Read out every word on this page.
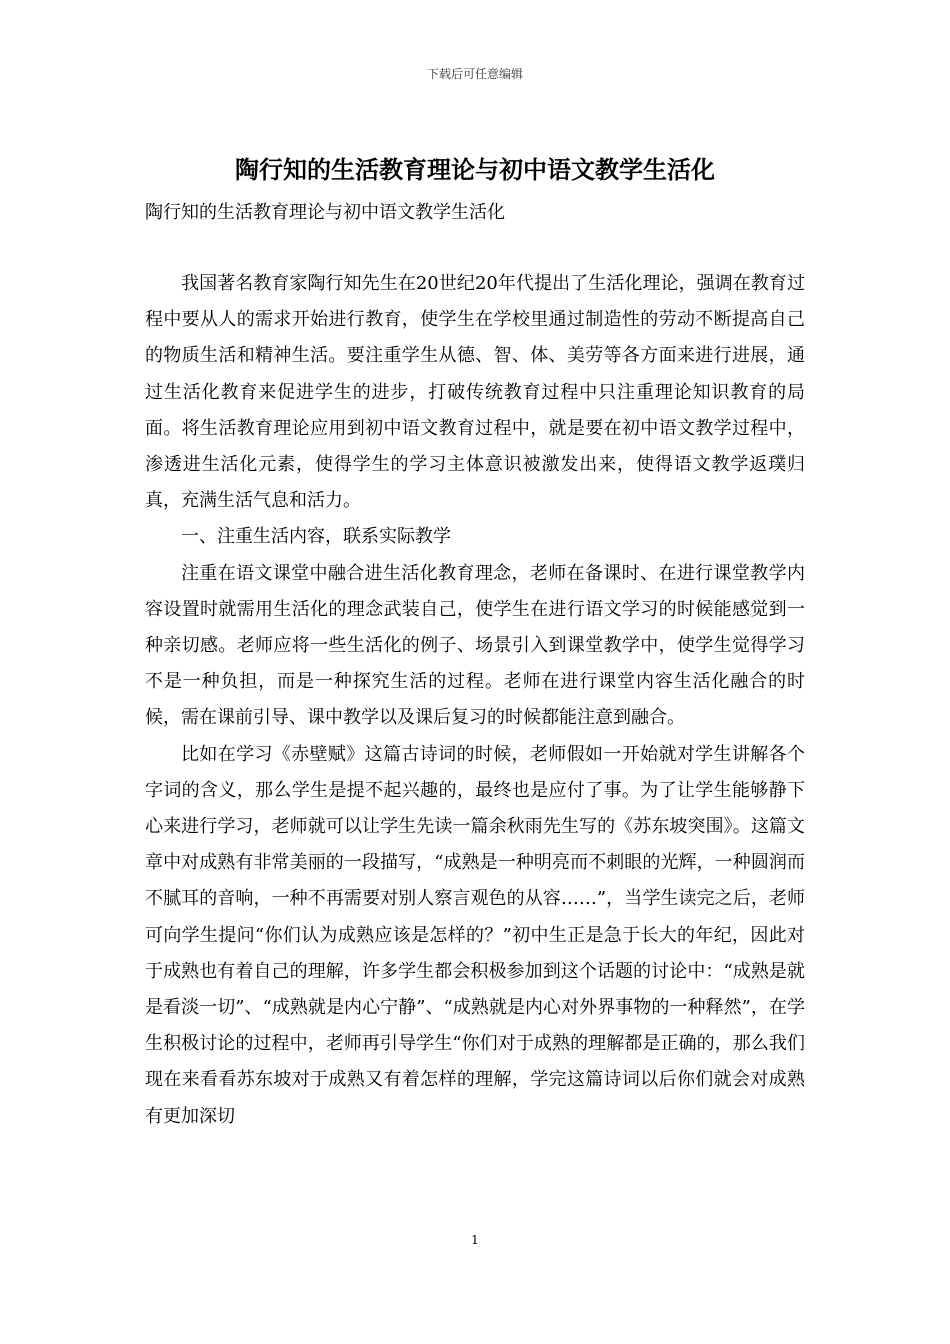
下载后可任意编辑
陶行知的生活教育理论与初中语文教学生活化
陶行知的生活教育理论与初中语文教学生活化

我国著名教育家陶行知先生在20世纪20年代提出了生活化理论，强调在教育过程中要从人的需求开始进行教育，使学生在学校里通过制造性的劳动不断提高自己的物质生活和精神生活。要注重学生从德、智、体、美劳等各方面来进行进展，通过生活化教育来促进学生的进步，打破传统教育过程中只注重理论知识教育的局面。将生活教育理论应用到初中语文教育过程中，就是要在初中语文教学过程中，渗透进生活化元素，使得学生的学习主体意识被激发出来，使得语文教学返璞归真，充满生活气息和活力。

一、注重生活内容，联系实际教学

注重在语文课堂中融合进生活化教育理念，老师在备课时、在进行课堂教学内容设置时就需用生活化的理念武装自己，使学生在进行语文学习的时候能感觉到一种亲切感。老师应将一些生活化的例子、场景引入到课堂教学中，使学生觉得学习不是一种负担，而是一种探究生活的过程。老师在进行课堂内容生活化融合的时候，需在课前引导、课中教学以及课后复习的时候都能注意到融合。

比如在学习《赤壁赋》这篇古诗词的时候，老师假如一开始就对学生讲解各个字词的含义，那么学生是提不起兴趣的，最终也是应付了事。为了让学生能够静下心来进行学习，老师就可以让学生先读一篇余秋雨先生写的《苏东坡突围》。这篇文章中对成熟有非常美丽的一段描写，“成熟是一种明亮而不刺眼的光辉，一种圆润而不腻耳的音响，一种不再需要对别人察言观色的从容……”，当学生读完之后，老师可向学生提问“你们认为成熟应该是怎样的？”初中生正是急于长大的年纪，因此对于成熟也有着自己的理解，许多学生都会积极参加到这个话题的讨论中：“成熟是就是看淡一切”、“成熟就是内心宁静”、“成熟就是内心对外界事物的一种释然”，在学生积极讨论的过程中，老师再引导学生“你们对于成熟的理解都是正确的，那么我们现在来看看苏东坡对于成熟又有着怎样的理解，学完这篇诗词以后你们就会对成熟有更加深切

1
